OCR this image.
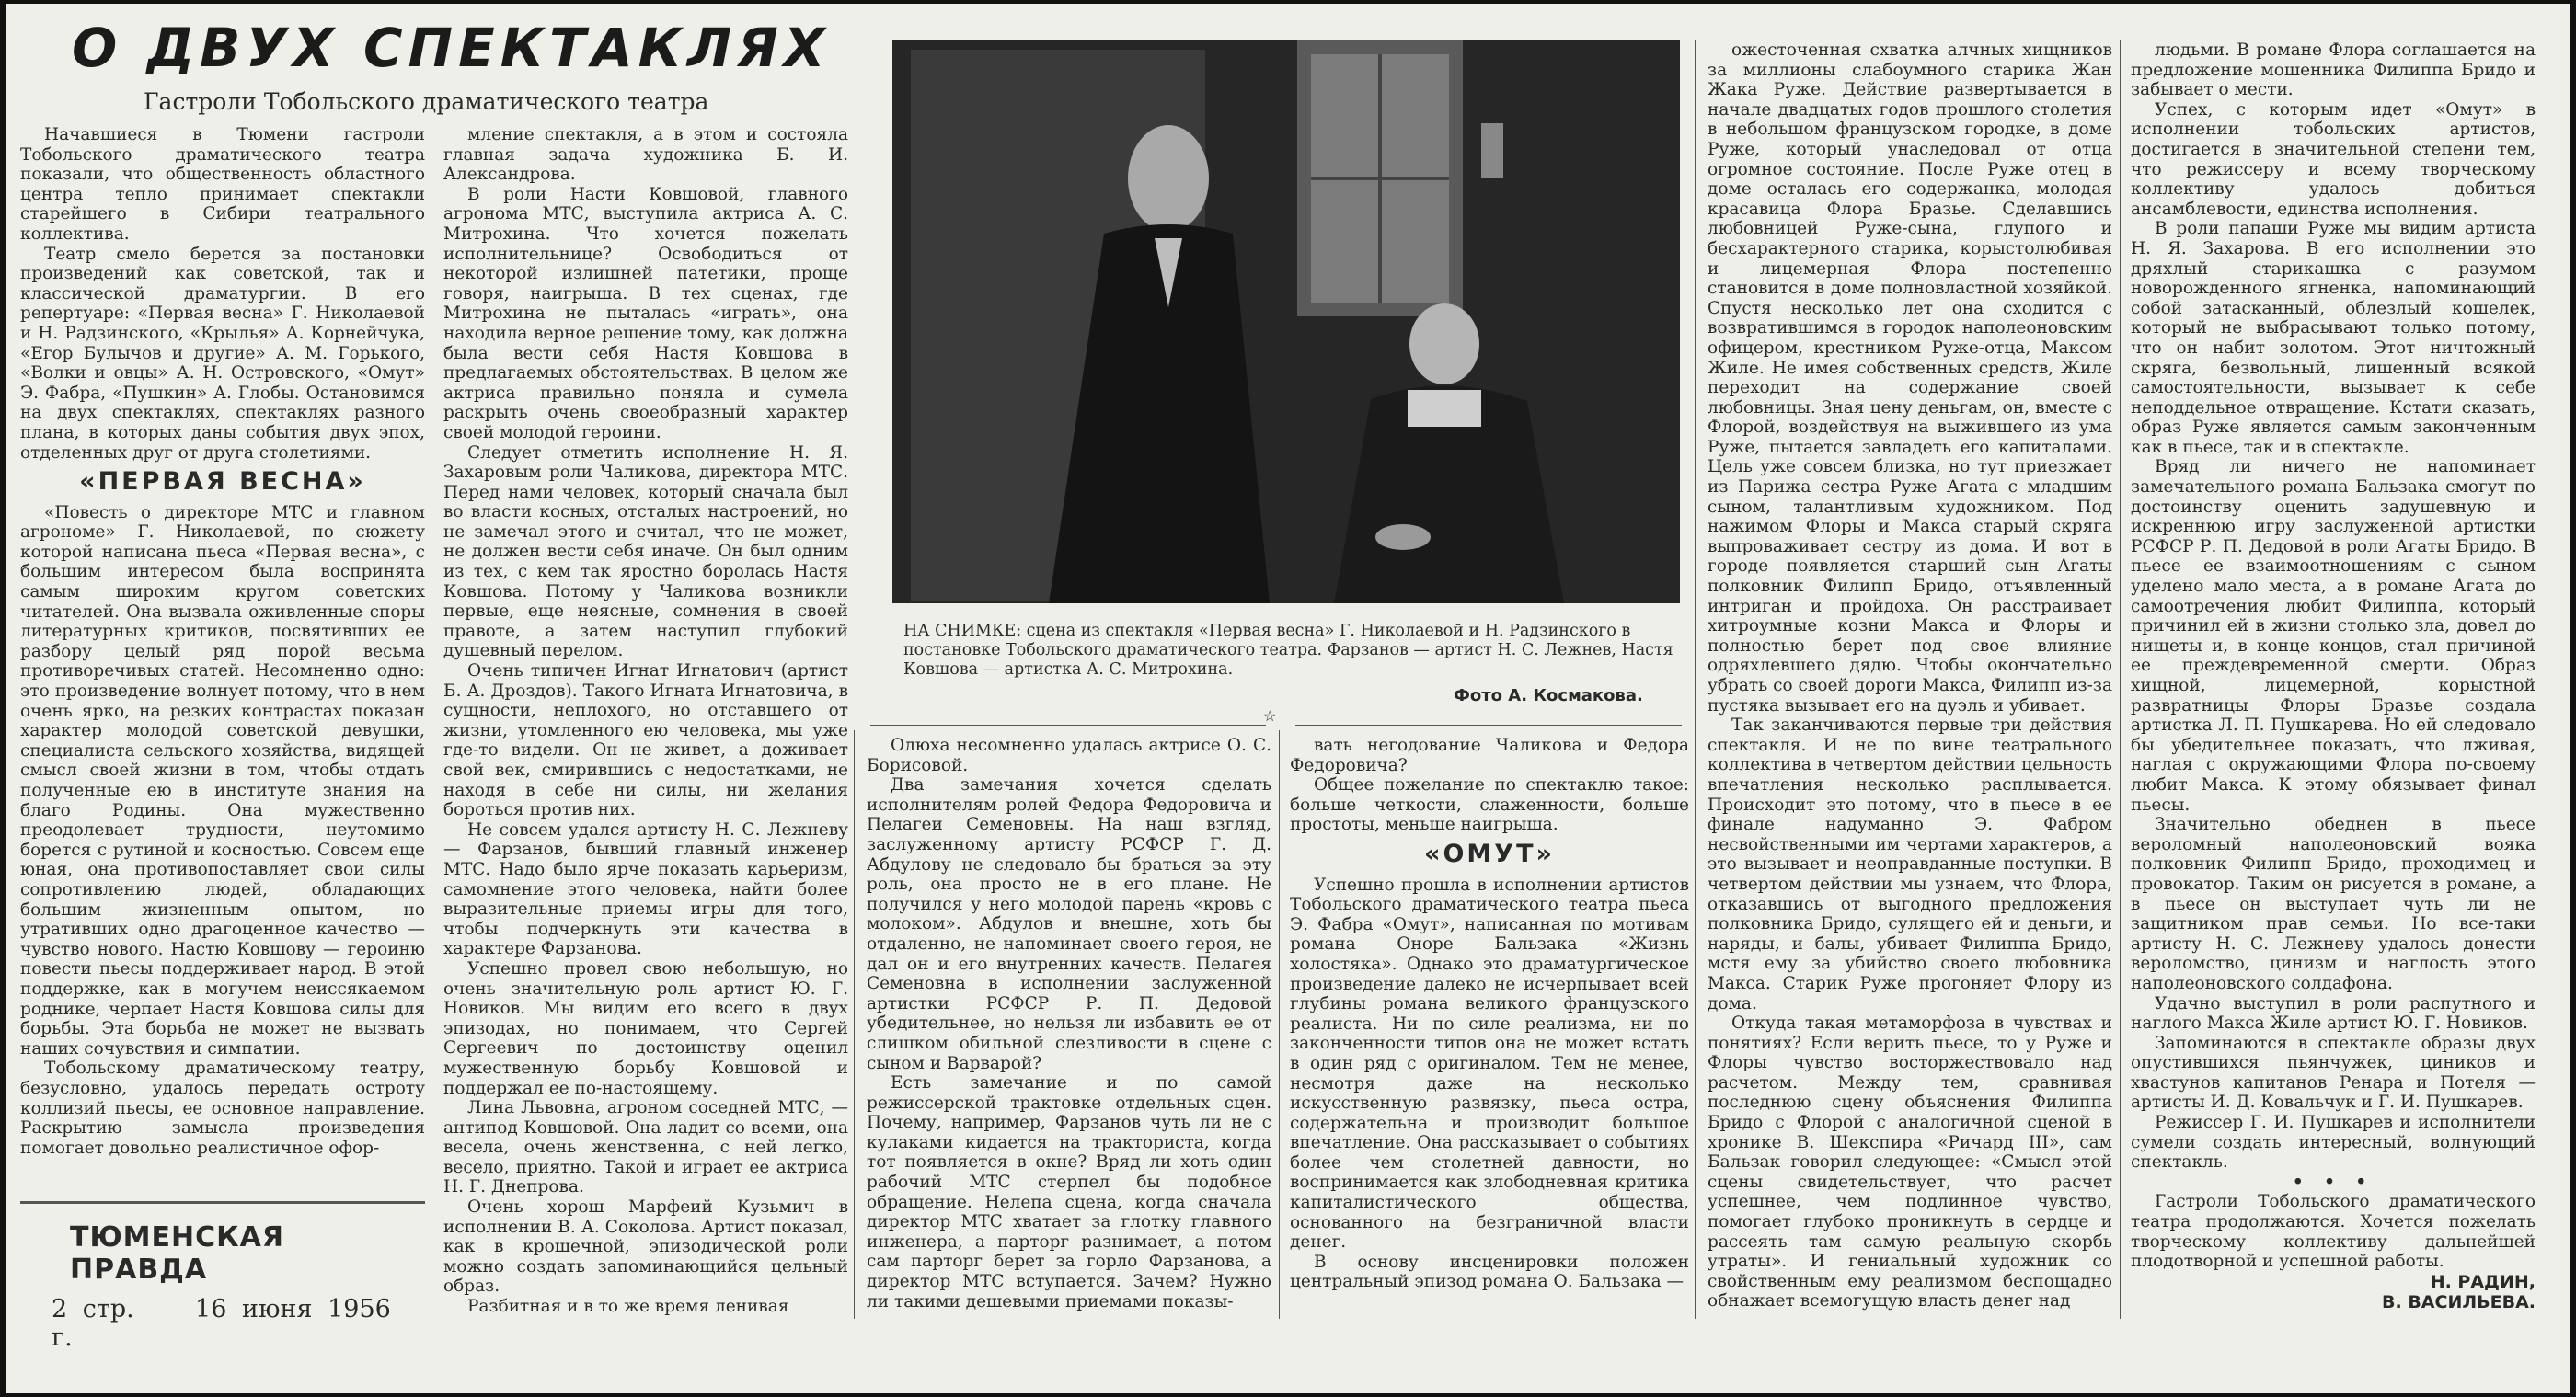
О ДВУХ СПЕКТАКЛЯХ
Гастроли Тобольского драматического театра

Начавшиеся в Тюмени гастроли Тобольского драматического театра показали, что общественность областного центра тепло принимает спектакли старейшего в Сибири театрального коллектива.

Театр смело берется за постановки произведений как советской, так и классической драматургии. В его репертуаре: «Первая весна» Г. Николаевой и Н. Радзинского, «Крылья» А. Корнейчука, «Егор Булычов и другие» А. М. Горького, «Волки и овцы» А. Н. Островского, «Омут» Э. Фабра, «Пушкин» А. Глобы. Остановимся на двух спектаклях, спектаклях разного плана, в которых даны события двух эпох, отделенных друг от друга столетиями.

«ПЕРВАЯ ВЕСНА»

«Повесть о директоре МТС и главном агрономе» Г. Николаевой, по сюжету которой написана пьеса «Первая весна», с большим интересом была воспринята самым широким кругом советских читателей. Она вызвала оживленные споры литературных критиков, посвятивших ее разбору целый ряд порой весьма противоречивых статей. Несомненно одно: это произведение волнует потому, что в нем очень ярко, на резких контрастах показан характер молодой советской девушки, специалиста сельского хозяйства, видящей смысл своей жизни в том, чтобы отдать полученные ею в институте знания на благо Родины. Она мужественно преодолевает трудности, неутомимо борется с рутиной и косностью. Совсем еще юная, она противопоставляет свои силы сопротивлению людей, обладающих большим жизненным опытом, но утративших одно драгоценное качество — чувство нового. Настю Ковшову — героиню повести пьесы поддерживает народ. В этой поддержке, как в могучем неиссякаемом роднике, черпает Настя Ковшова силы для борьбы. Эта борьба не может не вызвать наших сочувствия и симпатии.

Тобольскому драматическому театру, безусловно, удалось передать остроту коллизий пьесы, ее основное направление. Раскрытию замысла произведения помогает довольно реалистичное офор-

ТЮМЕНСКАЯ ПРАВДА
2 стр. 16 июня 1956 г.

мление спектакля, а в этом и состояла главная задача художника Б. И. Александрова.

В роли Насти Ковшовой, главного агронома МТС, выступила актриса А. С. Митрохина. Что хочется пожелать исполнительнице? Освободиться от некоторой излишней патетики, проще говоря, наигрыша. В тех сценах, где Митрохина не пыталась «играть», она находила верное решение тому, как должна была вести себя Настя Ковшова в предлагаемых обстоятельствах. В целом же актриса правильно поняла и сумела раскрыть очень своеобразный характер своей молодой героини.

Следует отметить исполнение Н. Я. Захаровым роли Чаликова, директора МТС. Перед нами человек, который сначала был во власти косных, отсталых настроений, но не замечал этого и считал, что не может, не должен вести себя иначе. Он был одним из тех, с кем так яростно боролась Настя Ковшова. Потому у Чаликова возникли первые, еще неясные, сомнения в своей правоте, а затем наступил глубокий душевный перелом.

Очень типичен Игнат Игнатович (артист Б. А. Дроздов). Такого Игната Игнатовича, в сущности, неплохого, но отставшего от жизни, утомленного ею человека, мы уже где-то видели. Он не живет, а доживает свой век, смирившись с недостатками, не находя в себе ни силы, ни желания бороться против них.

Не совсем удался артисту Н. С. Лежневу — Фарзанов, бывший главный инженер МТС. Надо было ярче показать карьеризм, самомнение этого человека, найти более выразительные приемы игры для того, чтобы подчеркнуть эти качества в характере Фарзанова.

Успешно провел свою небольшую, но очень значительную роль артист Ю. Г. Новиков. Мы видим его всего в двух эпизодах, но понимаем, что Сергей Сергеевич по достоинству оценил мужественную борьбу Ковшовой и поддержал ее по-настоящему.

Лина Львовна, агроном соседней МТС, —антипод Ковшовой. Она ладит со всеми, она весела, очень женственна, с ней легко, весело, приятно. Такой и играет ее актриса Н. Г. Днепрова.

Очень хорош Марфеий Кузьмич в исполнении В. А. Соколова. Артист показал, как в крошечной, эпизодической роли можно создать запоминающийся цельный образ.

Разбитная и в то же время ленивая

НА СНИМКЕ: сцена из спектакля «Первая весна» Г. Николаевой и Н. Радзинского в постановке Тобольского драматического театра. Фарзанов — артист Н. С. Лежнев, Настя Ковшова — артистка А. С. Митрохина.
Фото А. Космакова.
☆

Олюха несомненно удалась актрисе О. С. Борисовой.

Два замечания хочется сделать исполнителям ролей Федора Федоровича и Пелагеи Семеновны. На наш взгляд, заслуженному артисту РСФСР Г. Д. Абдулову не следовало бы браться за эту роль, она просто не в его плане. Не получился у него молодой парень «кровь с молоком». Абдулов и внешне, хоть бы отдаленно, не напоминает своего героя, не дал он и его внутренних качеств. Пелагея Семеновна в исполнении заслуженной артистки РСФСР Р. П. Дедовой убедительнее, но нельзя ли избавить ее от слишком обильной слезливости в сцене с сыном и Варварой?

Есть замечание и по самой режиссерской трактовке отдельных сцен. Почему, например, Фарзанов чуть ли не с кулаками кидается на тракториста, когда тот появляется в окне? Вряд ли хоть один рабочий МТС стерпел бы подобное обращение. Нелепа сцена, когда сначала директор МТС хватает за глотку главного инженера, а парторг разнимает, а потом сам парторг берет за горло Фарзанова, а директор МТС вступается. Зачем? Нужно ли такими дешевыми приемами показы-

вать негодование Чаликова и Федора Федоровича?

Общее пожелание по спектаклю такое: больше четкости, слаженности, больше простоты, меньше наигрыша.

«ОМУТ»

Успешно прошла в исполнении артистов Тобольского драматического театра пьеса Э. Фабра «Омут», написанная по мотивам романа Оноре Бальзака «Жизнь холостяка». Однако это драматургическое произведение далеко не исчерпывает всей глубины романа великого французского реалиста. Ни по силе реализма, ни по законченности типов она не может встать в один ряд с оригиналом. Тем не менее, несмотря даже на несколько искусственную развязку, пьеса остра, содержательна и производит большое впечатление. Она рассказывает о событиях более чем столетней давности, но воспринимается как злободневная критика капиталистического общества, основанного на безграничной власти денег.

В основу инсценировки положен центральный эпизод романа О. Бальзака —

ожесточенная схватка алчных хищников за миллионы слабоумного старика Жан Жака Руже. Действие развертывается в начале двадцатых годов прошлого столетия в небольшом французском городке, в доме Руже, который унаследовал от отца огромное состояние. После Руже отец в доме осталась его содержанка, молодая красавица Флора Бразье. Сделавшись любовницей Руже-сына, глупого и бесхарактерного старика, корыстолюбивая и лицемерная Флора постепенно становится в доме полновластной хозяйкой. Спустя несколько лет она сходится с возвратившимся в городок наполеоновским офицером, крестником Руже-отца, Максом Жиле. Не имея собственных средств, Жиле переходит на содержание своей любовницы. Зная цену деньгам, он, вместе с Флорой, воздействуя на выжившего из ума Руже, пытается завладеть его капиталами. Цель уже совсем близка, но тут приезжает из Парижа сестра Руже Агата с младшим сыном, талантливым художником. Под нажимом Флоры и Макса старый скряга выпроваживает сестру из дома. И вот в городе появляется старший сын Агаты полковник Филипп Бридо, отъявленный интриган и пройдоха. Он расстраивает хитроумные козни Макса и Флоры и полностью берет под свое влияние одряхлевшего дядю. Чтобы окончательно убрать со своей дороги Макса, Филипп из-за пустяка вызывает его на дуэль и убивает.

Так заканчиваются первые три действия спектакля. И не по вине театрального коллектива в четвертом действии цельность впечатления несколько расплывается. Происходит это потому, что в пьесе в ее финале надуманно Э. Фабром несвойственными им чертами характеров, а это вызывает и неоправданные поступки. В четвертом действии мы узнаем, что Флора, отказавшись от выгодного предложения полковника Бридо, сулящего ей и деньги, и наряды, и балы, убивает Филиппа Бридо, мстя ему за убийство своего любовника Макса. Старик Руже прогоняет Флору из дома.

Откуда такая метаморфоза в чувствах и понятиях? Если верить пьесе, то у Руже и Флоры чувство восторжествовало над расчетом. Между тем, сравнивая последнюю сцену объяснения Филиппа Бридо с Флорой с аналогичной сценой в хронике В. Шекспира «Ричард III», сам Бальзак говорил следующее: «Смысл этой сцены свидетельствует, что расчет успешнее, чем подлинное чувство, помогает глубоко проникнуть в сердце и рассеять там самую реальную скорбь утраты». И гениальный художник со свойственным ему реализмом беспощадно обнажает всемогущую власть денег над

людьми. В романе Флора соглашается на предложение мошенника Филиппа Бридо и забывает о мести.

Успех, с которым идет «Омут» в исполнении тобольских артистов, достигается в значительной степени тем, что режиссеру и всему творческому коллективу удалось добиться ансамблевости, единства исполнения.

В роли папаши Руже мы видим артиста Н. Я. Захарова. В его исполнении это дряхлый старикашка с разумом новорожденного ягненка, напоминающий собой затасканный, облезлый кошелек, который не выбрасывают только потому, что он набит золотом. Этот ничтожный скряга, безвольный, лишенный всякой самостоятельности, вызывает к себе неподдельное отвращение. Кстати сказать, образ Руже является самым законченным как в пьесе, так и в спектакле.

Вряд ли ничего не напоминает замечательного романа Бальзака смогут по достоинству оценить задушевную и искреннюю игру заслуженной артистки РСФСР Р. П. Дедовой в роли Агаты Бридо. В пьесе ее взаимоотношениям с сыном уделено мало места, а в романе Агата до самоотречения любит Филиппа, который причинил ей в жизни столько зла, довел до нищеты и, в конце концов, стал причиной ее преждевременной смерти. Образ хищной, лицемерной, корыстной развратницы Флоры Бразье создала артистка Л. П. Пушкарева. Но ей следовало бы убедительнее показать, что лживая, наглая с окружающими Флора по-своему любит Макса. К этому обязывает финал пьесы.

Значительно обеднен в пьесе вероломный наполеоновский вояка полковник Филипп Бридо, проходимец и провокатор. Таким он рисуется в романе, а в пьесе он выступает чуть ли не защитником прав семьи. Но все-таки артисту Н. С. Лежневу удалось донести вероломство, цинизм и наглость этого наполеоновского солдафона.

Удачно выступил в роли распутного и наглого Макса Жиле артист Ю. Г. Новиков.

Запоминаются в спектакле образы двух опустившихся пьянчужек, циников и хвастунов капитанов Ренара и Потеля — артисты И. Д. Ковальчук и Г. И. Пушкарев.

Режиссер Г. И. Пушкарев и исполнители сумели создать интересный, волнующий спектакль.

• • •

Гастроли Тобольского драматического театра продолжаются. Хочется пожелать творческому коллективу дальнейшей плодотворной и успешной работы.

Н. РАДИН,
В. ВАСИЛЬЕВА.
